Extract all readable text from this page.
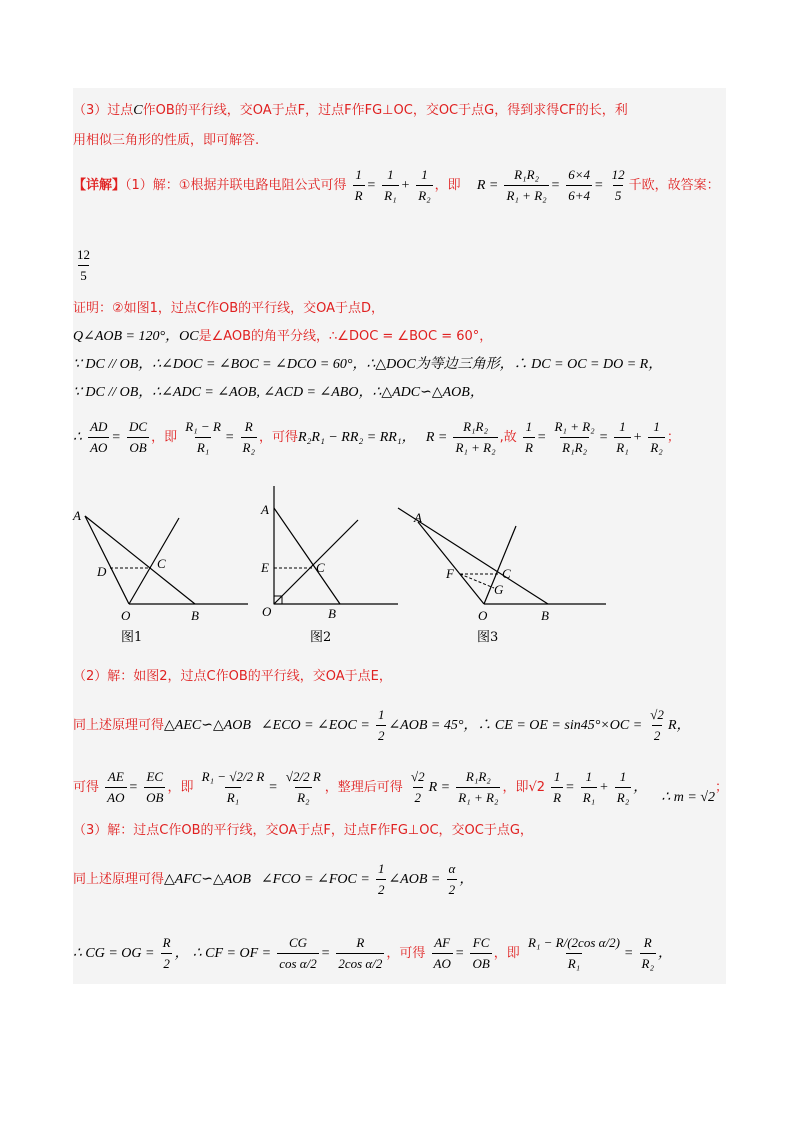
（3）过点C作OB的平行线，交OA于点F，过点F作FG⊥OC，交OC于点G，得到求得CF的长，利
用相似三角形的性质，即可解答.
【详解】（1）解：①根据并联电路电阻公式可得 $\frac{1}{R} = \frac{1}{\text{R₁}} + \frac{1}{\text{R₂}}$ ，即 $R = \frac{\text{R₁R₂}}{\text{R₁ + R₂}} = \frac{6\times 4}{6+4} = \frac{12}{5}$ 千欧，故答案：
$\frac{12}{5}$
证明：②如图1，过点C作OB的平行线，交OA于点D，
Q∠AOB = 120°，OC是∠AOB的角平分线，∴∠DOC = ∠BOC = 60°，
∵ DC // OB，∴∠DOC = ∠BOC = ∠DCO = 60°，∴△DOC为等边三角形，∴ DC = OC = DO = R，
∵ DC // OB，∴∠ADC = ∠AOB, ∠ACD = ∠ABO，∴△ADC∽△AOB，
∴ $\frac{AD}{AO} = \frac{DC}{OB}$ ，即 $\frac{\text{R₁ − R}}{\text{R₁}} = \frac{R}{\text{R₂}}$ ，可得R₂R₁ − RR₂ = RR₁， $R = \frac{\text{R₁R₂}}{\text{R₁ + R₂}}$ ,故 $\frac{1}{R} = \frac{\text{R₁ + R₂}}{\text{R₁R₂}} = \frac{1}{\text{R₁}} + \frac{1}{\text{R₂}}$ ；
A
D
C
O	B
图1
A
E	C
O	B
图2
A
F	C
G
O	B
图3
（2）解：如图2，过点C作OB的平行线，交OA于点E，
同上述原理可得△AEC∽△AOB ∠ECO = ∠EOC = $\frac{1}{2}$ ∠AOB = 45°，∴ CE = OE = $\sin 45^\circ\times OC = \frac{√2}{2}$ R，
可得 $\frac{AE}{AO} = \frac{EC}{OB}$ ，即 $\frac{\text{R₁ − √2/2 R}}{\text{R₁}} = \frac{√2/2 R}{\text{R₂}}$ ，整理后可得 $\frac{√2}{2}$ $R = \frac{\text{R₁R₂}}{\text{R₁ + R₂}}$ ，即$√2 \frac{1}{R} = \frac{1}{\text{R₁}} + \frac{1}{\text{R₂}}$ ， ∴ m = √2；
（3）解：过点C作OB的平行线，交OA于点F，过点F作FG⊥OC，交OC于点G，
同上述原理可得△AFC∽△AOB ∠FCO = ∠FOC = $\frac{1}{2}$ ∠AOB = $\frac{\alpha}{2}$ ，
∴ CG = OG = $\frac{R}{2}$ ， ∴ CF = OF = $\frac{CG}{\text{cos α/2}} = \frac{R}{\text{2cos α/2}}$ ，可得 $\frac{AF}{AO} = \frac{FC}{OB}$ ，即 $\frac{\text{R₁ − R/(2cos α/2)}}{\text{R₁}} = \frac{R}{\text{R₂}}$ ，
